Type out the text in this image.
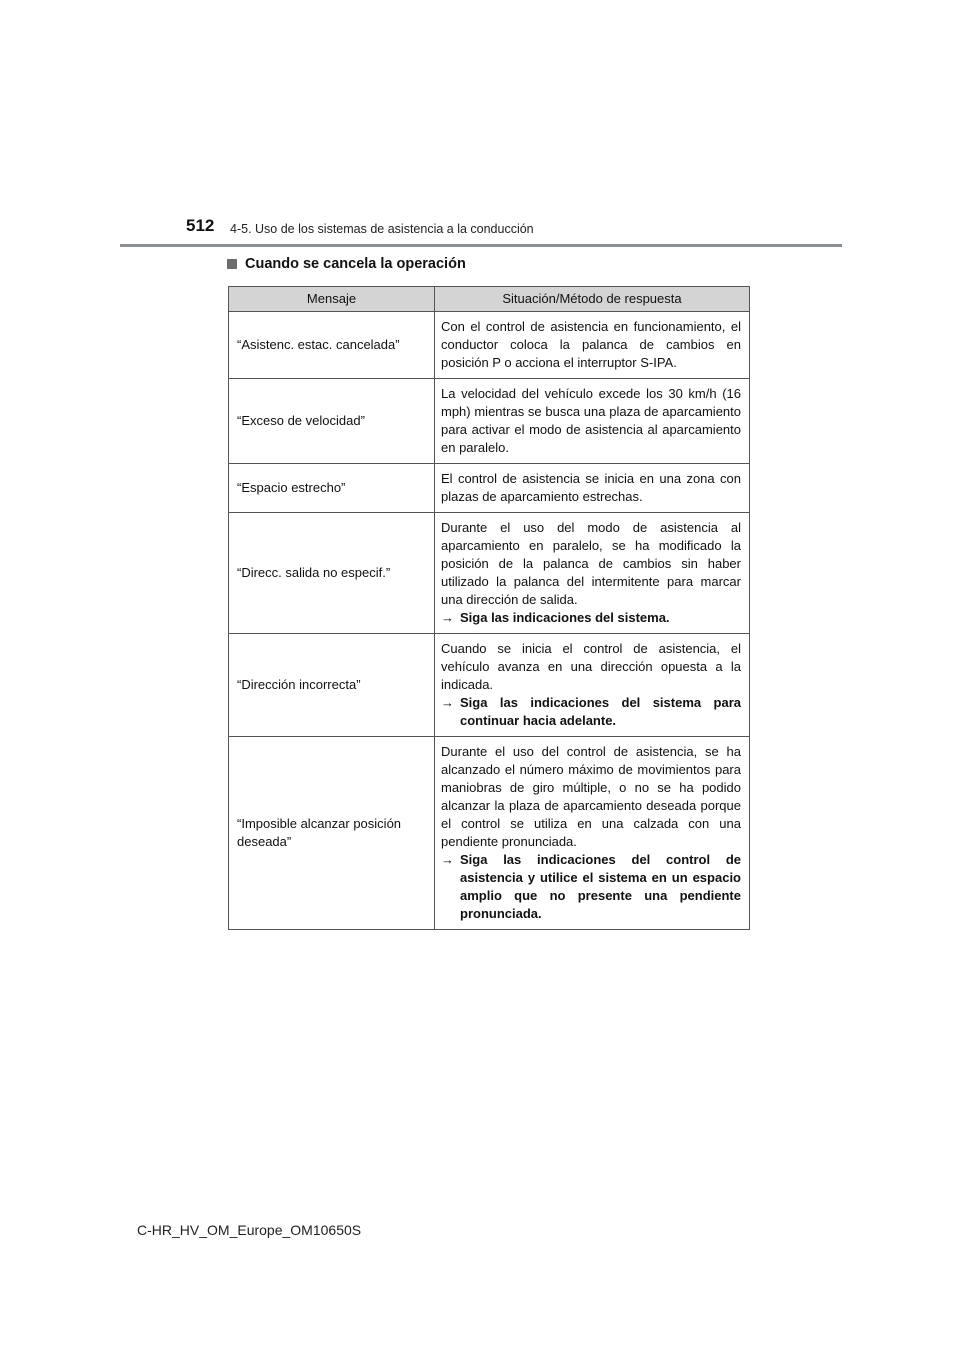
512 4-5. Uso de los sistemas de asistencia a la conducción
Cuando se cancela la operación
Mensaje	Situación/Método de respuesta
“Asistenc. estac. cancelada”	Con el control de asistencia en funcionamiento, el conductor coloca la palanca de cambios en posición P o acciona el interruptor S-IPA.

“Exceso de velocidad”	La velocidad del vehículo excede los 30 km/h (16 mph) mientras se busca una plaza de aparcamiento para activar el modo de asistencia al aparcamiento en paralelo.

“Espacio estrecho”	El control de asistencia se inicia en una zona con plazas de aparcamiento estrechas.

“Direcc. salida no especif.”	Durante el uso del modo de asistencia al aparcamiento en paralelo, se ha modificado la posición de la palanca de cambios sin haber utilizado la palanca del intermitente para marcar una dirección de salida.
→ Siga las indicaciones del sistema.

“Dirección incorrecta”	Cuando se inicia el control de asistencia, el vehículo avanza en una dirección opuesta a la indicada.
→ Siga las indicaciones del sistema para continuar hacia adelante.

“Imposible alcanzar posición deseada”	Durante el uso del control de asistencia, se ha alcanzado el número máximo de movimientos para maniobras de giro múltiple, o no se ha podido alcanzar la plaza de aparcamiento deseada porque el control se utiliza en una calzada con una pendiente pronunciada.
→ Siga las indicaciones del control de asistencia y utilice el sistema en un espacio amplio que no presente una pendiente pronunciada.
C-HR_HV_OM_Europe_OM10650S
